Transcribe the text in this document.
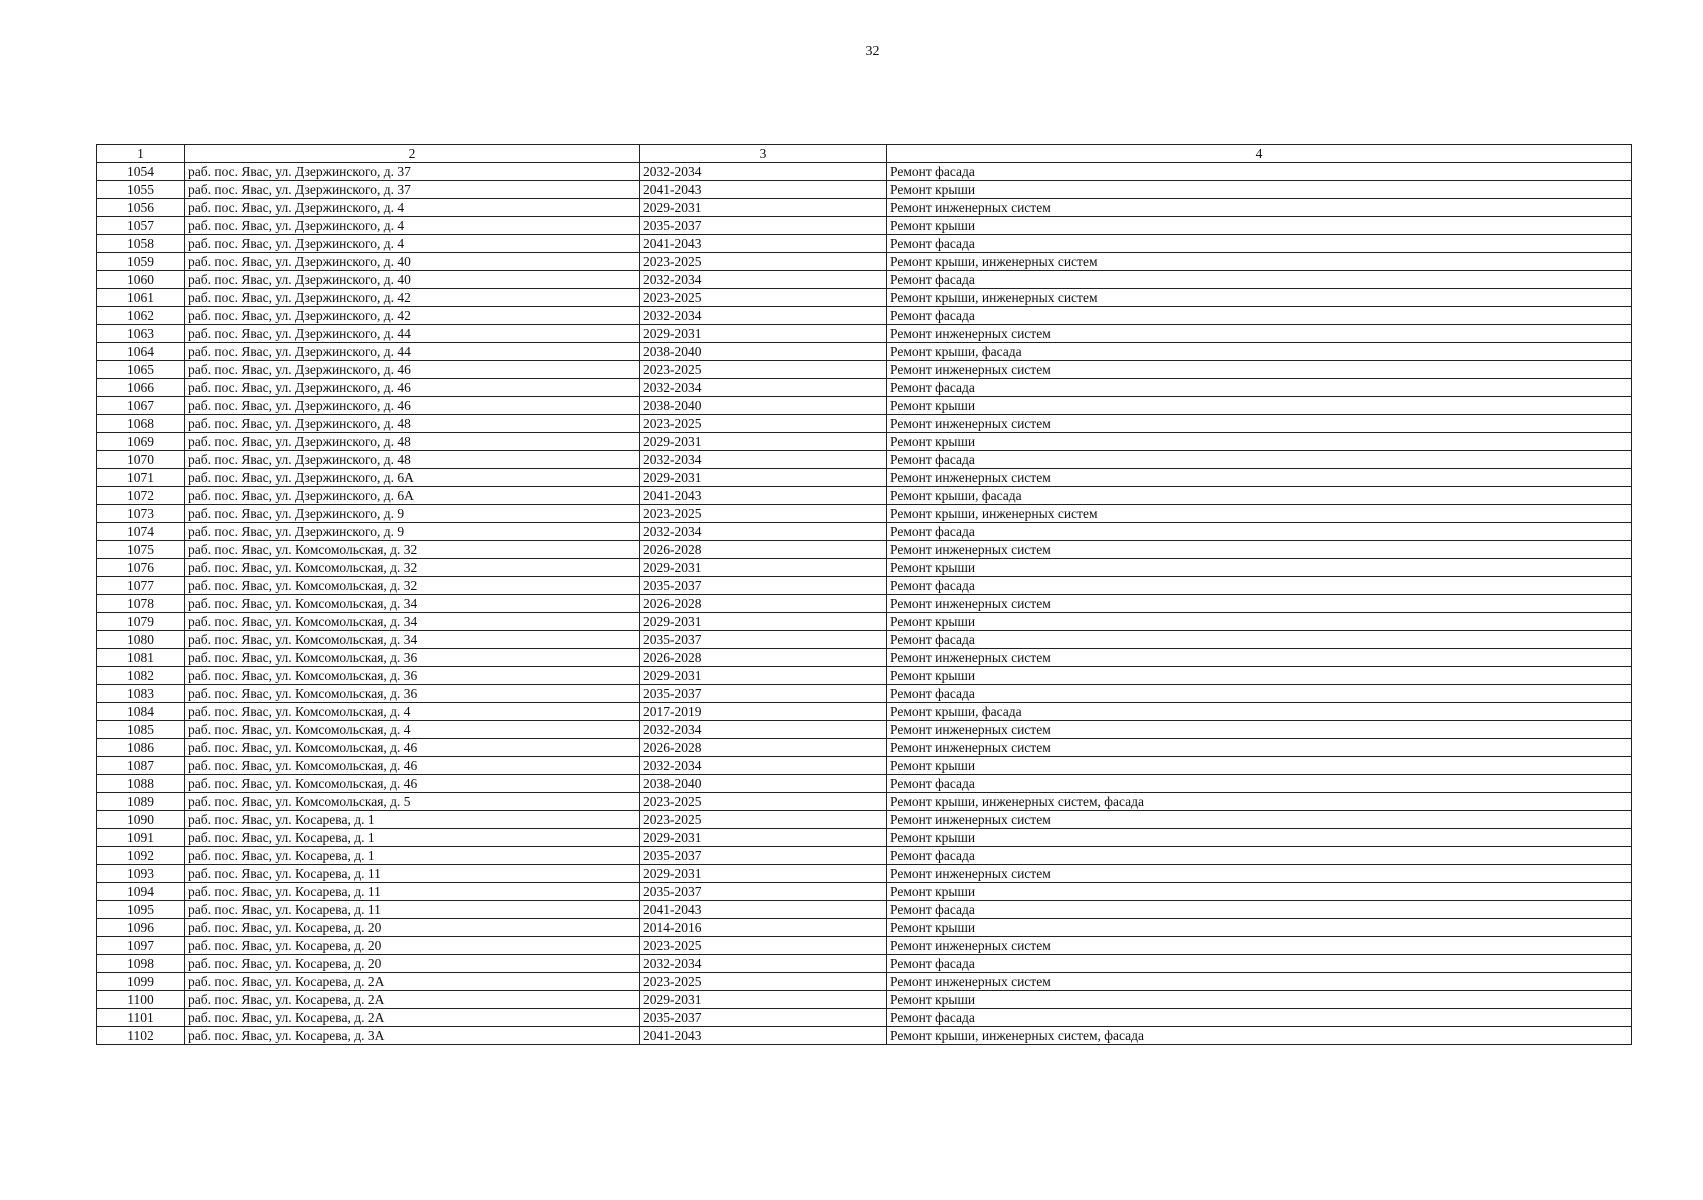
32
1	2	3	4
1054	раб. пос. Явас, ул. Дзержинского, д. 37	2032-2034	Ремонт фасада
1055	раб. пос. Явас, ул. Дзержинского, д. 37	2041-2043	Ремонт крыши
1056	раб. пос. Явас, ул. Дзержинского, д. 4	2029-2031	Ремонт инженерных систем
1057	раб. пос. Явас, ул. Дзержинского, д. 4	2035-2037	Ремонт крыши
1058	раб. пос. Явас, ул. Дзержинского, д. 4	2041-2043	Ремонт фасада
1059	раб. пос. Явас, ул. Дзержинского, д. 40	2023-2025	Ремонт крыши, инженерных систем
1060	раб. пос. Явас, ул. Дзержинского, д. 40	2032-2034	Ремонт фасада
1061	раб. пос. Явас, ул. Дзержинского, д. 42	2023-2025	Ремонт крыши, инженерных систем
1062	раб. пос. Явас, ул. Дзержинского, д. 42	2032-2034	Ремонт фасада
1063	раб. пос. Явас, ул. Дзержинского, д. 44	2029-2031	Ремонт инженерных систем
1064	раб. пос. Явас, ул. Дзержинского, д. 44	2038-2040	Ремонт крыши, фасада
1065	раб. пос. Явас, ул. Дзержинского, д. 46	2023-2025	Ремонт инженерных систем
1066	раб. пос. Явас, ул. Дзержинского, д. 46	2032-2034	Ремонт фасада
1067	раб. пос. Явас, ул. Дзержинского, д. 46	2038-2040	Ремонт крыши
1068	раб. пос. Явас, ул. Дзержинского, д. 48	2023-2025	Ремонт инженерных систем
1069	раб. пос. Явас, ул. Дзержинского, д. 48	2029-2031	Ремонт крыши
1070	раб. пос. Явас, ул. Дзержинского, д. 48	2032-2034	Ремонт фасада
1071	раб. пос. Явас, ул. Дзержинского, д. 6А	2029-2031	Ремонт инженерных систем
1072	раб. пос. Явас, ул. Дзержинского, д. 6А	2041-2043	Ремонт крыши, фасада
1073	раб. пос. Явас, ул. Дзержинского, д. 9	2023-2025	Ремонт крыши, инженерных систем
1074	раб. пос. Явас, ул. Дзержинского, д. 9	2032-2034	Ремонт фасада
1075	раб. пос. Явас, ул. Комсомольская, д. 32	2026-2028	Ремонт инженерных систем
1076	раб. пос. Явас, ул. Комсомольская, д. 32	2029-2031	Ремонт крыши
1077	раб. пос. Явас, ул. Комсомольская, д. 32	2035-2037	Ремонт фасада
1078	раб. пос. Явас, ул. Комсомольская, д. 34	2026-2028	Ремонт инженерных систем
1079	раб. пос. Явас, ул. Комсомольская, д. 34	2029-2031	Ремонт крыши
1080	раб. пос. Явас, ул. Комсомольская, д. 34	2035-2037	Ремонт фасада
1081	раб. пос. Явас, ул. Комсомольская, д. 36	2026-2028	Ремонт инженерных систем
1082	раб. пос. Явас, ул. Комсомольская, д. 36	2029-2031	Ремонт крыши
1083	раб. пос. Явас, ул. Комсомольская, д. 36	2035-2037	Ремонт фасада
1084	раб. пос. Явас, ул. Комсомольская, д. 4	2017-2019	Ремонт крыши, фасада
1085	раб. пос. Явас, ул. Комсомольская, д. 4	2032-2034	Ремонт инженерных систем
1086	раб. пос. Явас, ул. Комсомольская, д. 46	2026-2028	Ремонт инженерных систем
1087	раб. пос. Явас, ул. Комсомольская, д. 46	2032-2034	Ремонт крыши
1088	раб. пос. Явас, ул. Комсомольская, д. 46	2038-2040	Ремонт фасада
1089	раб. пос. Явас, ул. Комсомольская, д. 5	2023-2025	Ремонт крыши, инженерных систем, фасада
1090	раб. пос. Явас, ул. Косарева, д. 1	2023-2025	Ремонт инженерных систем
1091	раб. пос. Явас, ул. Косарева, д. 1	2029-2031	Ремонт крыши
1092	раб. пос. Явас, ул. Косарева, д. 1	2035-2037	Ремонт фасада
1093	раб. пос. Явас, ул. Косарева, д. 11	2029-2031	Ремонт инженерных систем
1094	раб. пос. Явас, ул. Косарева, д. 11	2035-2037	Ремонт крыши
1095	раб. пос. Явас, ул. Косарева, д. 11	2041-2043	Ремонт фасада
1096	раб. пос. Явас, ул. Косарева, д. 20	2014-2016	Ремонт крыши
1097	раб. пос. Явас, ул. Косарева, д. 20	2023-2025	Ремонт инженерных систем
1098	раб. пос. Явас, ул. Косарева, д. 20	2032-2034	Ремонт фасада
1099	раб. пос. Явас, ул. Косарева, д. 2А	2023-2025	Ремонт инженерных систем
1100	раб. пос. Явас, ул. Косарева, д. 2А	2029-2031	Ремонт крыши
1101	раб. пос. Явас, ул. Косарева, д. 2А	2035-2037	Ремонт фасада
1102	раб. пос. Явас, ул. Косарева, д. 3А	2041-2043	Ремонт крыши, инженерных систем, фасада
